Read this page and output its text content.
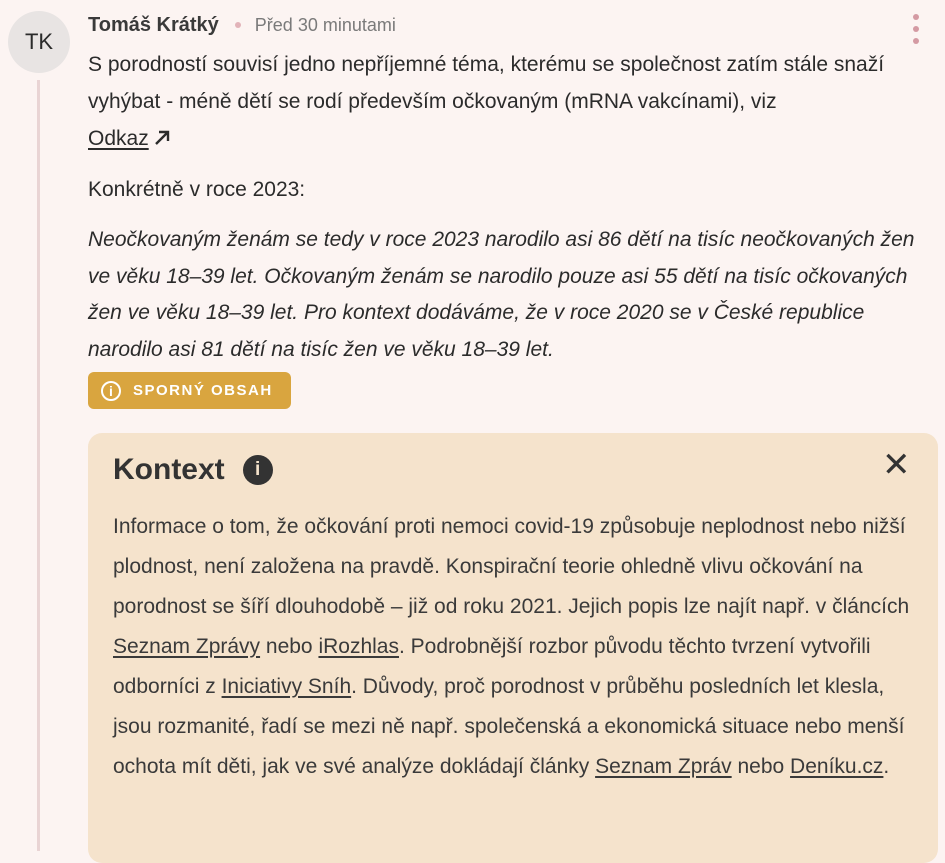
TK
Tomáš Krátký Před 30 minutami

S porodností souvisí jedno nepříjemné téma, kterému se společnost zatím stále snaží vyhýbat - méně dětí se rodí především očkovaným (mRNA vakcínami), viz
Odkaz

Konkrétně v roce 2023:

Neočkovaným ženám se tedy v roce 2023 narodilo asi 86 dětí na tisíc neočkovaných žen ve věku 18–39 let. Očkovaným ženám se narodilo pouze asi 55 dětí na tisíc očkovaných žen ve věku 18–39 let. Pro kontext dodáváme, že v roce 2020 se v České republice narodilo asi 81 dětí na tisíc žen ve věku 18–39 let.

i	SPORNÝ OBSAH
Kontext	i	✕

Informace o tom, že očkování proti nemoci covid-19 způsobuje neplodnost nebo nižší plodnost, není založena na pravdě. Konspirační teorie ohledně vlivu očkování na porodnost se šíří dlouhodobě – již od roku 2021. Jejich popis lze najít např. v článcích Seznam Zprávy nebo iRozhlas. Podrobnější rozbor původu těchto tvrzení vytvořili odborníci z Iniciativy Sníh. Důvody, proč porodnost v průběhu posledních let klesla, jsou rozmanité, řadí se mezi ně např. společenská a ekonomická situace nebo menší ochota mít děti, jak ve své analýze dokládají články Seznam Zpráv nebo Deníku.cz.
